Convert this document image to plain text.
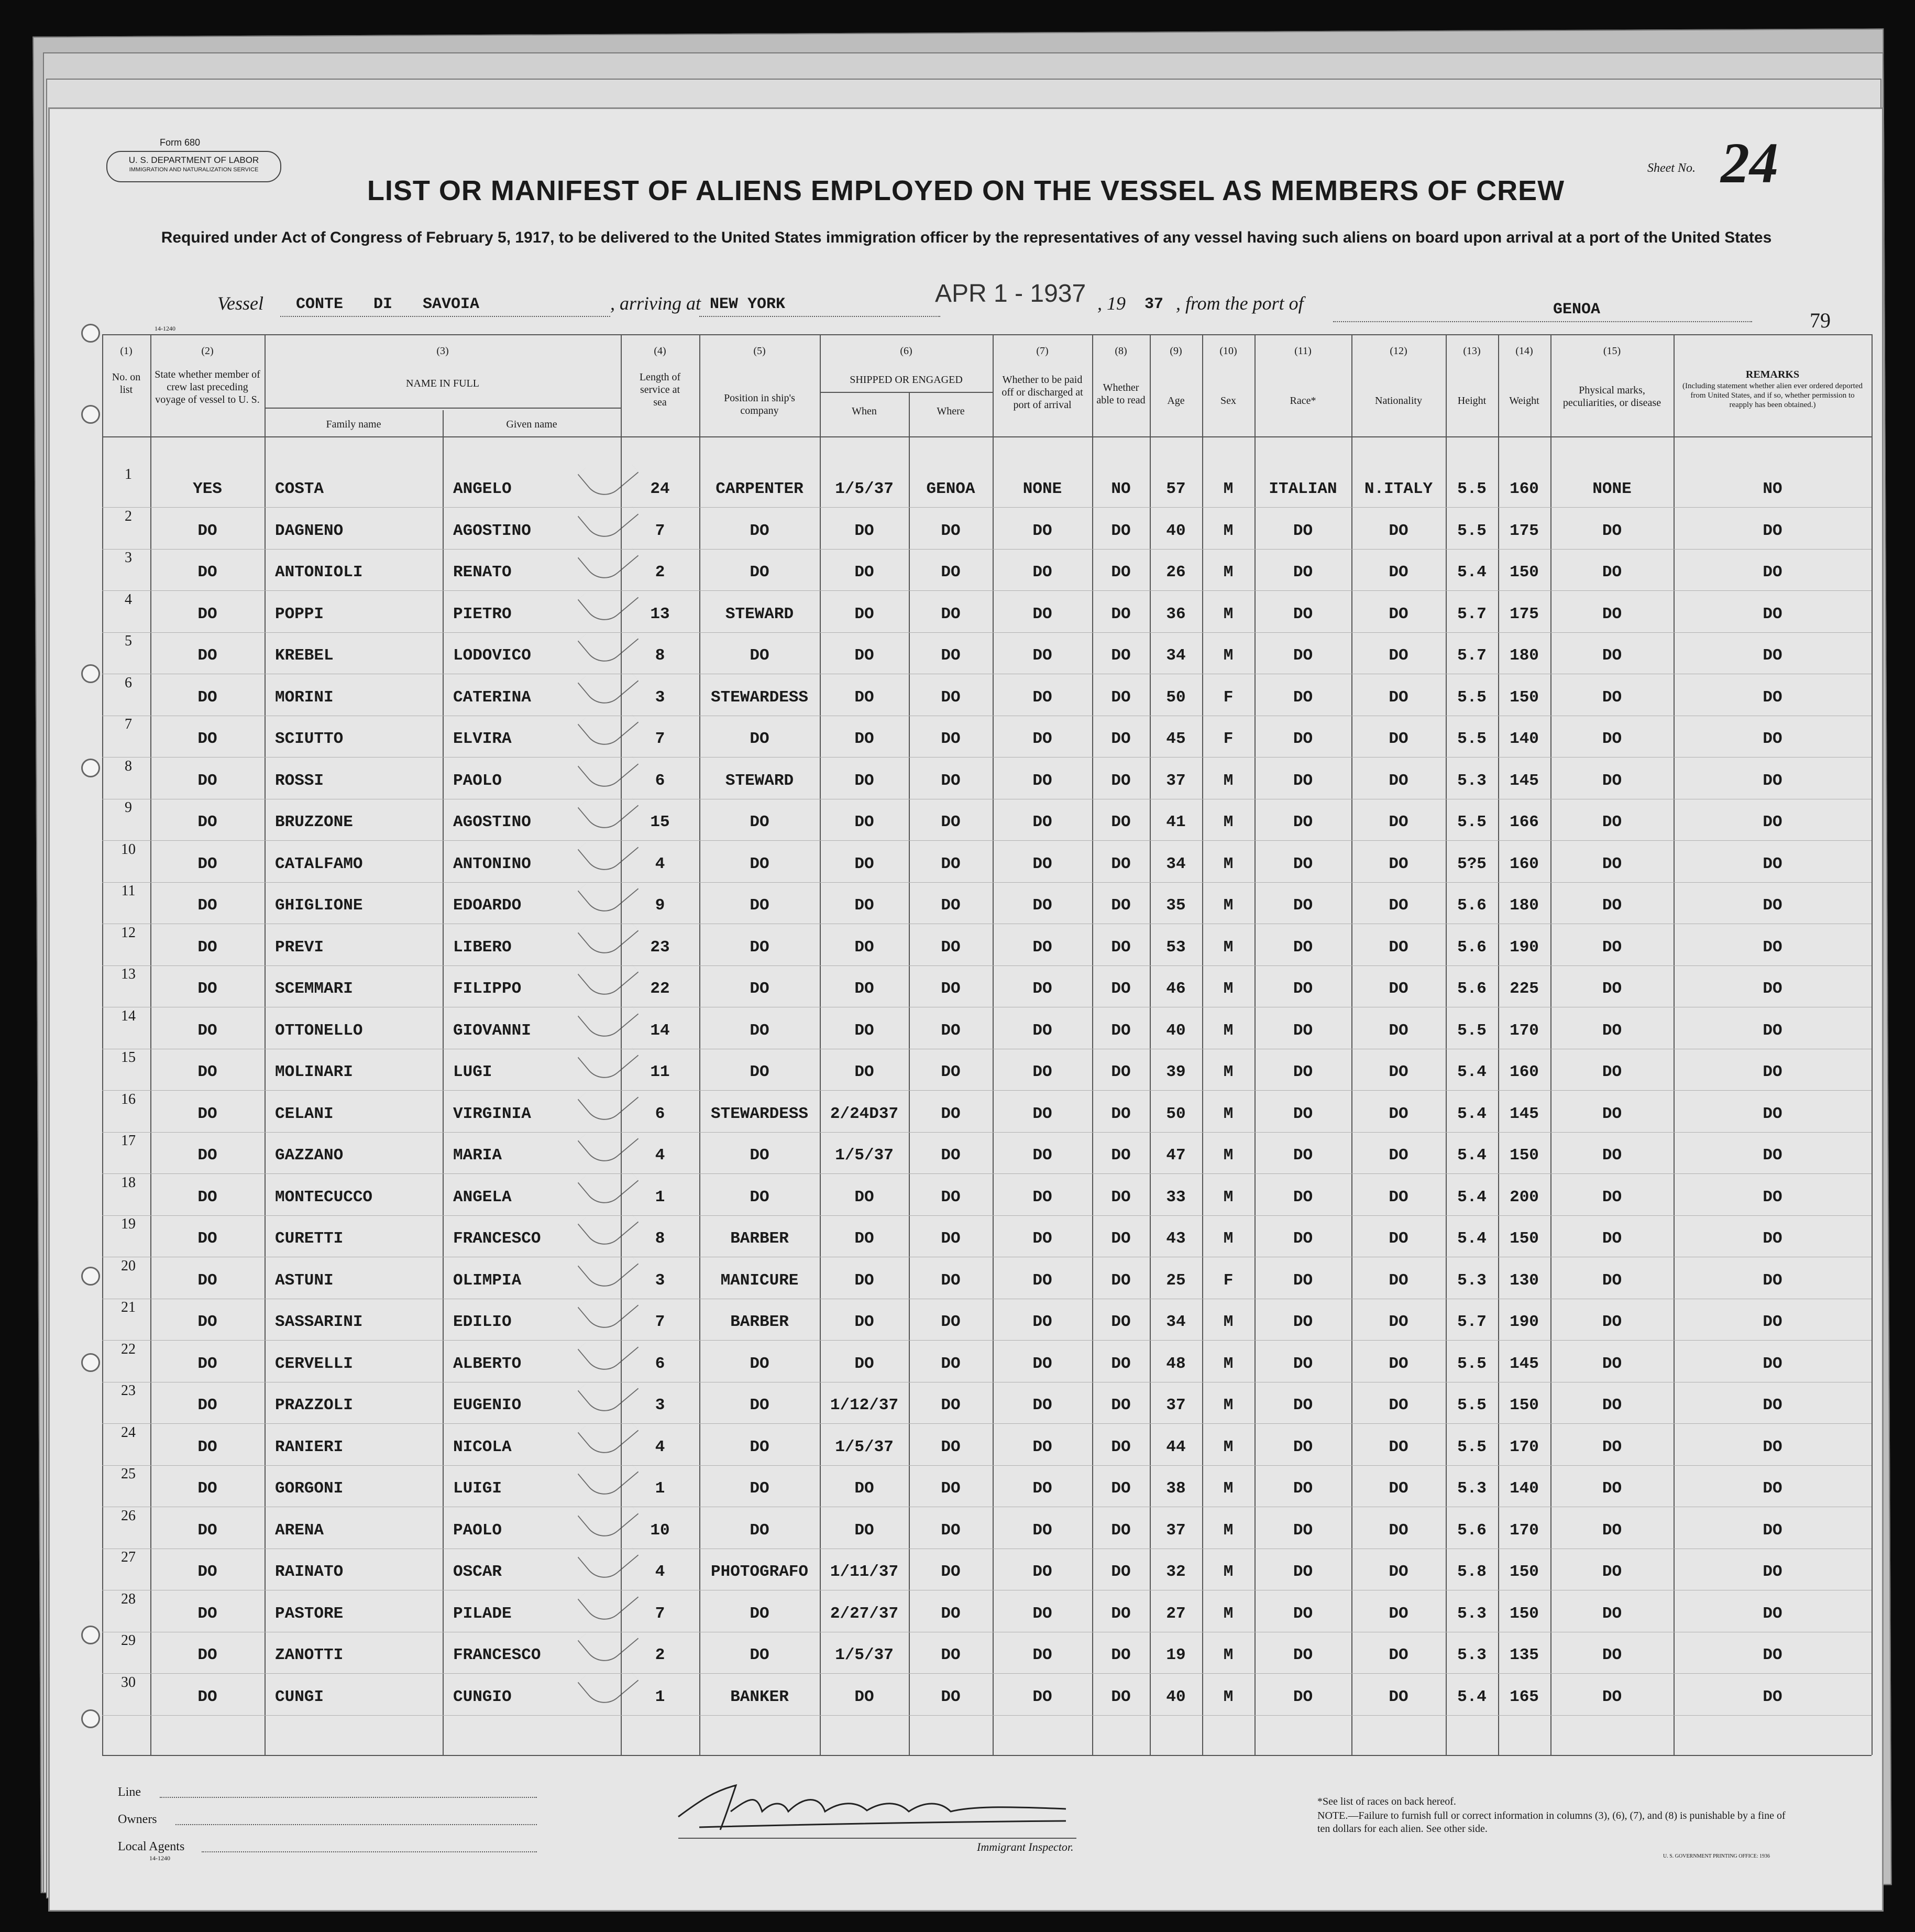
Form 680
U. S. DEPARTMENT OF LABOR
IMMIGRATION AND NATURALIZATION SERVICE	Sheet No. 24
LIST OR MANIFEST OF ALIENS EMPLOYED ON THE VESSEL AS MEMBERS OF CREW
Required under Act of Congress of February 5, 1917, to be delivered to the United States immigration officer by the representatives of any vessel having such aliens on board upon arrival at a port of the United States
Vessel CONTE DI SAVOIA	, arriving at NEW YORK	APR 1 - 1937 , 19 37 , from the port of	GENOA	79
14-1240
(1)
No. on list
(2)
State whether member of crew last preceding voyage of vessel to U. S.
(3)
NAME IN FULL
Family name	Given name
(4)
Length of service at sea
(5)
Position in ship's company
(6)
SHIPPED OR ENGAGED
When	Where
(7)
Whether to be paid off or discharged at port of arrival
(8)
Whether able to read
(9)
Age
(10)
Sex
(11)
Race*
(12)
Nationality
(13)
Height
(14)
Weight
(15)
Physical marks, peculiarities, or disease
REMARKS
(Including statement whether alien ever ordered deported from United States, and if so, whether permission to reapply has been obtained.)
1
YES	COSTA	ANGELO	24	CARPENTER	1/5/37	GENOA	NONE	NO	57	M	ITALIAN	N.ITALY	5.5	160	NONE	NO
2
DO	DAGNENO	AGOSTINO	7	DO	DO	DO	DO	DO	40	M	DO	DO	5.5	175	DO	DO
3
DO	ANTONIOLI	RENATO	2	DO	DO	DO	DO	DO	26	M	DO	DO	5.4	150	DO	DO
4
DO	POPPI	PIETRO	13	STEWARD	DO	DO	DO	DO	36	M	DO	DO	5.7	175	DO	DO
5
DO	KREBEL	LODOVICO	8	DO	DO	DO	DO	DO	34	M	DO	DO	5.7	180	DO	DO
6
DO	MORINI	CATERINA	3	STEWARDESS	DO	DO	DO	DO	50	F	DO	DO	5.5	150	DO	DO
7
DO	SCIUTTO	ELVIRA	7	DO	DO	DO	DO	DO	45	F	DO	DO	5.5	140	DO	DO
8
DO	ROSSI	PAOLO	6	STEWARD	DO	DO	DO	DO	37	M	DO	DO	5.3	145	DO	DO
9
DO	BRUZZONE	AGOSTINO	15	DO	DO	DO	DO	DO	41	M	DO	DO	5.5	166	DO	DO
10
DO	CATALFAMO	ANTONINO	4	DO	DO	DO	DO	DO	34	M	DO	DO	5?5	160	DO	DO
11
DO	GHIGLIONE	EDOARDO	9	DO	DO	DO	DO	DO	35	M	DO	DO	5.6	180	DO	DO
12
DO	PREVI	LIBERO	23	DO	DO	DO	DO	DO	53	M	DO	DO	5.6	190	DO	DO
13
DO	SCEMMARI	FILIPPO	22	DO	DO	DO	DO	DO	46	M	DO	DO	5.6	225	DO	DO
14
DO	OTTONELLO	GIOVANNI	14	DO	DO	DO	DO	DO	40	M	DO	DO	5.5	170	DO	DO
15
DO	MOLINARI	LUGI	11	DO	DO	DO	DO	DO	39	M	DO	DO	5.4	160	DO	DO
16
DO	CELANI	VIRGINIA	6	STEWARDESS	2/24D37	DO	DO	DO	50	M	DO	DO	5.4	145	DO	DO
17
DO	GAZZANO	MARIA	4	DO	1/5/37	DO	DO	DO	47	M	DO	DO	5.4	150	DO	DO
18
DO	MONTECUCCO	ANGELA	1	DO	DO	DO	DO	DO	33	M	DO	DO	5.4	200	DO	DO
19
DO	CURETTI	FRANCESCO	8	BARBER	DO	DO	DO	DO	43	M	DO	DO	5.4	150	DO	DO
20
DO	ASTUNI	OLIMPIA	3	MANICURE	DO	DO	DO	DO	25	F	DO	DO	5.3	130	DO	DO
21
DO	SASSARINI	EDILIO	7	BARBER	DO	DO	DO	DO	34	M	DO	DO	5.7	190	DO	DO
22
DO	CERVELLI	ALBERTO	6	DO	DO	DO	DO	DO	48	M	DO	DO	5.5	145	DO	DO
23
DO	PRAZZOLI	EUGENIO	3	DO	1/12/37	DO	DO	DO	37	M	DO	DO	5.5	150	DO	DO
24
DO	RANIERI	NICOLA	4	DO	1/5/37	DO	DO	DO	44	M	DO	DO	5.5	170	DO	DO
25
DO	GORGONI	LUIGI	1	DO	DO	DO	DO	DO	38	M	DO	DO	5.3	140	DO	DO
26
DO	ARENA	PAOLO	10	DO	DO	DO	DO	DO	37	M	DO	DO	5.6	170	DO	DO
27
DO	RAINATO	OSCAR	4	PHOTOGRAFO	1/11/37	DO	DO	DO	32	M	DO	DO	5.8	150	DO	DO
28
DO	PASTORE	PILADE	7	DO	2/27/37	DO	DO	DO	27	M	DO	DO	5.3	150	DO	DO
29
DO	ZANOTTI	FRANCESCO	2	DO	1/5/37	DO	DO	DO	19	M	DO	DO	5.3	135	DO	DO
30
DO	CUNGI	CUNGIO	1	BANKER	DO	DO	DO	DO	40	M	DO	DO	5.4	165	DO	DO
Line
Owners
Local Agents
14-1240
Immigrant Inspector.
*See list of races on back hereof.
NOTE.—Failure to furnish full or correct information in columns (3), (6), (7), and (8) is punishable by a fine of ten dollars for each alien. See other side.
U. S. GOVERNMENT PRINTING OFFICE: 1936
